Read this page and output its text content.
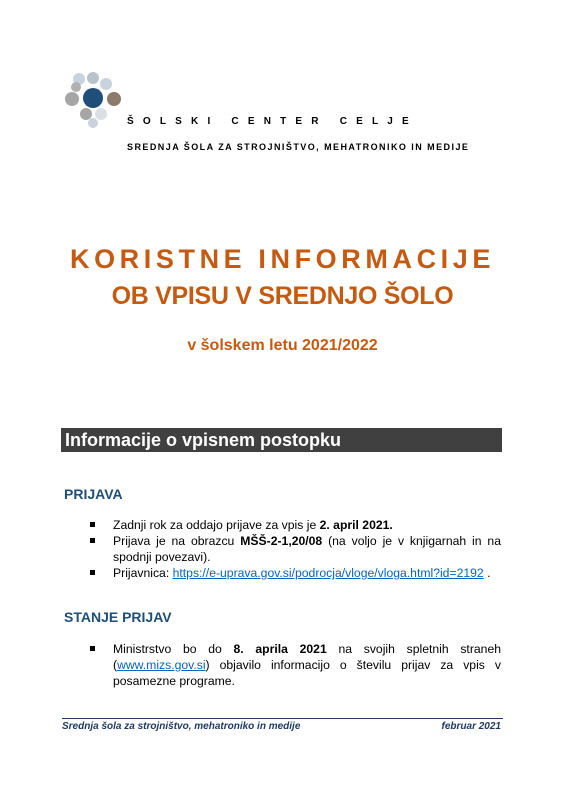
ŠOLSKI CENTER CELJE
SREDNJA ŠOLA ZA STROJNIŠTVO, MEHATRONIKO IN MEDIJE
KORISTNE INFORMACIJE
OB VPISU V SREDNJO ŠOLO
v šolskem letu 2021/2022
Informacije o vpisnem postopku
PRIJAVA
Zadnji rok za oddajo prijave za vpis je 2. april 2021.
Prijava je na obrazcu MŠŠ-2-1,20/08 (na voljo je v knjigarnah in na spodnji povezavi).
Prijavnica: https://e-uprava.gov.si/podrocja/vloge/vloga.html?id=2192 .
STANJE PRIJAV
Ministrstvo bo do 8. aprila 2021 na svojih spletnih straneh (www.mizs.gov.si) objavilo informacijo o številu prijav za vpis v posamezne programe.
Srednja šola za strojništvo, mehatroniko in medije	februar 2021
